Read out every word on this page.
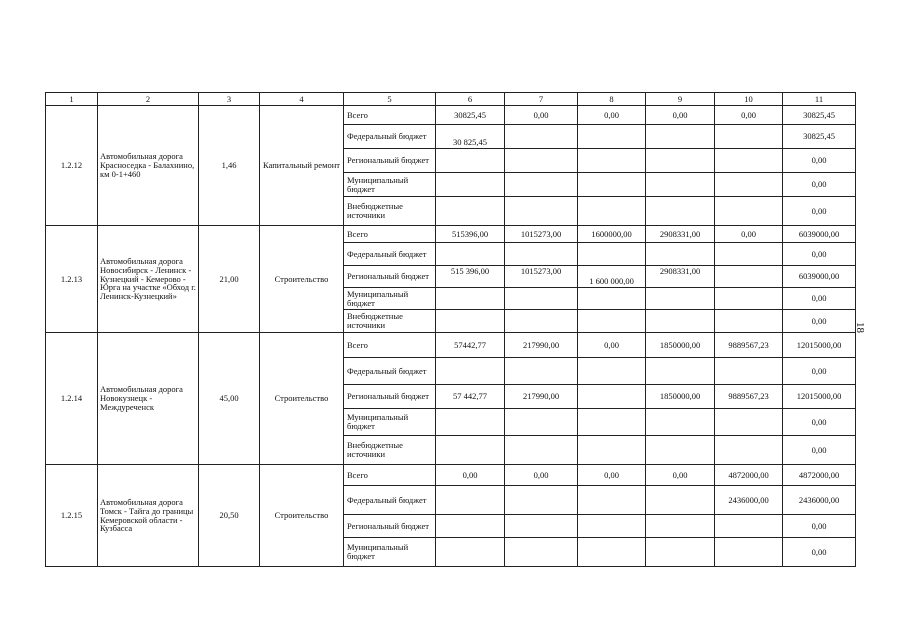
1	2	3	4	5	6	7	8	9	10	11
1.2.12	Автомобильная дорога Красноседка - Балахнино, км 0-1+460	1,46	Капитальный ремонт	Всего	30825,45	0,00	0,00	0,00	0,00	30825,45
				Федеральный бюджет	30 825,45					30825,45
				Региональный бюджет						0,00
				Муниципальный бюджет						0,00
				Внебюджетные источники						0,00
1.2.13	Автомобильная дорога Новосибирск - Ленинск - Кузнецкий - Кемерово - Юрга на участке «Обход г. Ленинск-Кузнецкий»	21,00	Строительство	Всего	515396,00	1015273,00	1600000,00	2908331,00	0,00	6039000,00
				Федеральный бюджет						0,00
				Региональный бюджет	515 396,00	1015273,00	1 600 000,00	2908331,00		6039000,00
				Муниципальный бюджет						0,00
				Внебюджетные источники						0,00
1.2.14	Автомобильная дорога Новокузнецк - Междуреченск	45,00	Строительство	Всего	57442,77	217990,00	0,00	1850000,00	9889567,23	12015000,00
				Федеральный бюджет						0,00
				Региональный бюджет	57 442,77	217990,00		1850000,00	9889567,23	12015000,00
				Муниципальный бюджет						0,00
				Внебюджетные источники						0,00
1.2.15	Автомобильная дорога Томск - Тайга до границы Кемеровской области - Кузбасса	20,50	Строительство	Всего	0,00	0,00	0,00	0,00	4872000,00	4872000,00
				Федеральный бюджет					2436000,00	2436000,00
				Региональный бюджет						0,00
				Муниципальный бюджет						0,00
18
